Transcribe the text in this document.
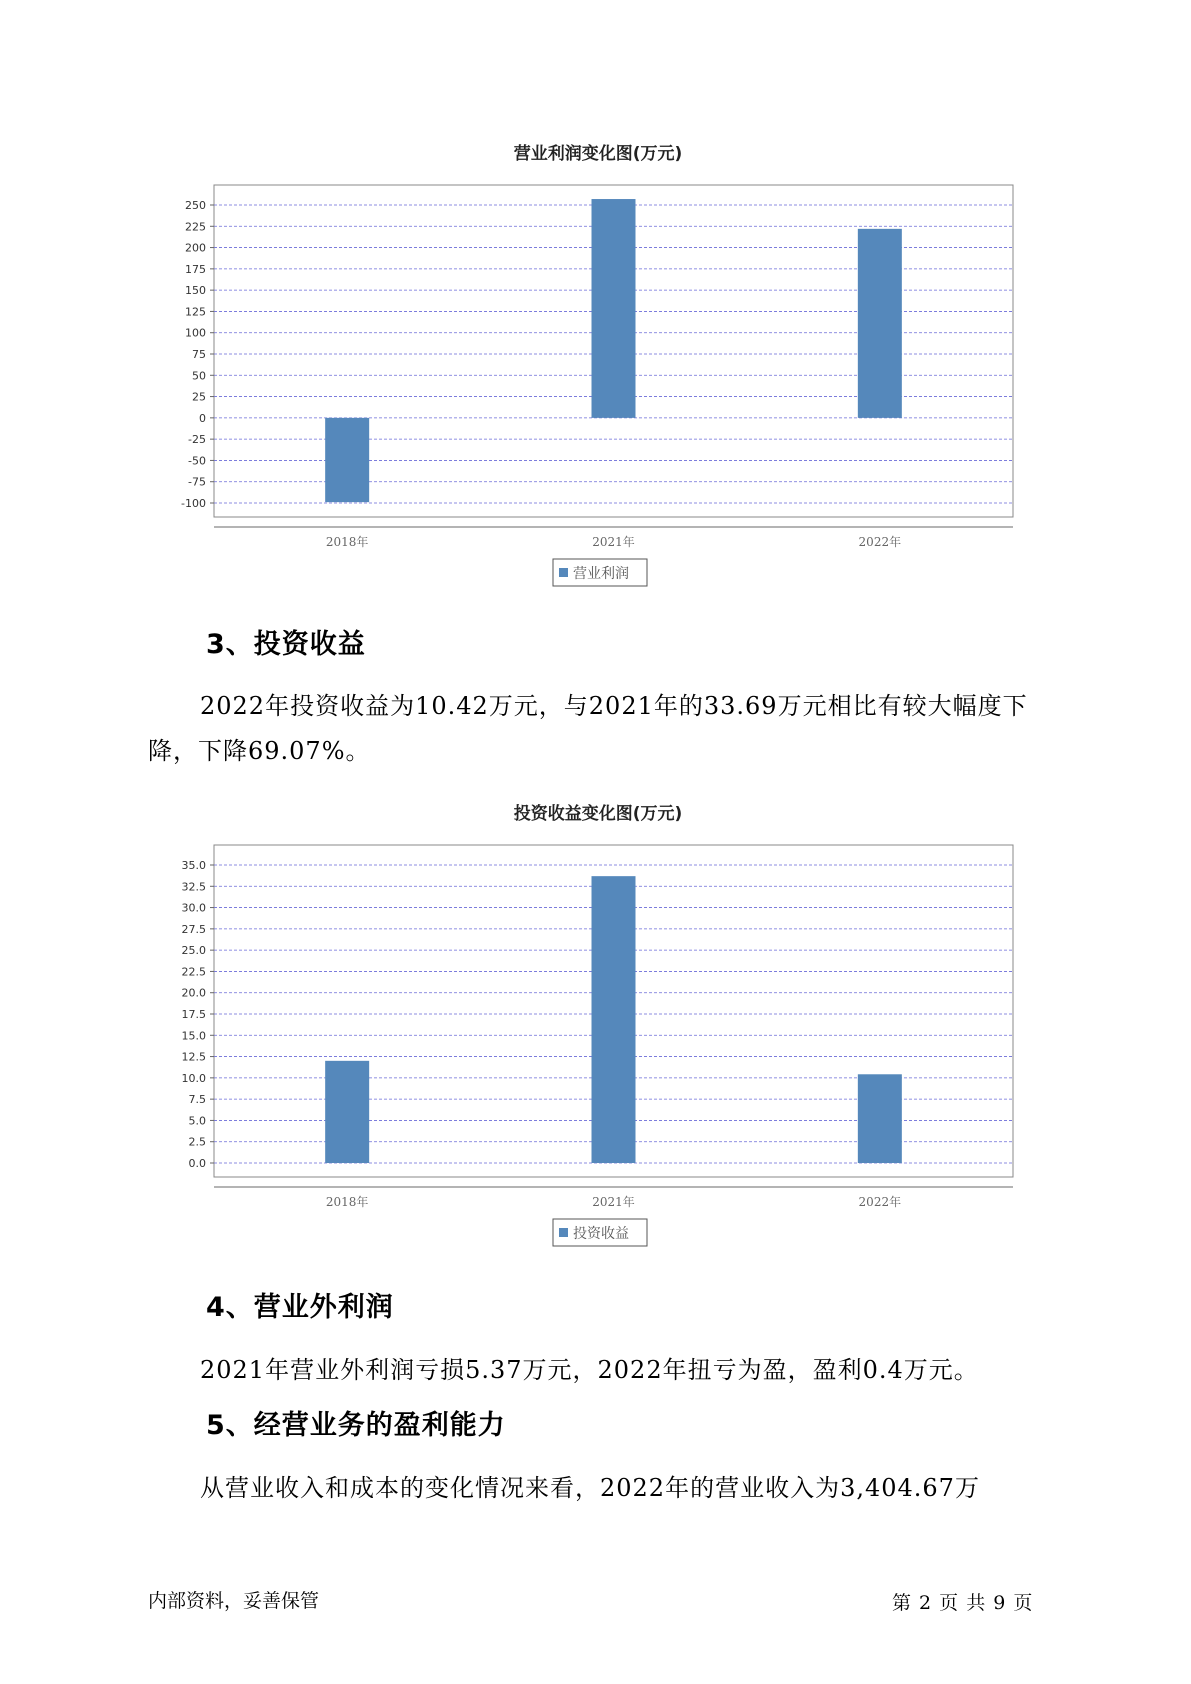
营业利润变化图(万元)
250
225
200
175
150
125
100
75
50
25
0
-25
-50
-75
-100
2018年	2021年	2022年
营业利润
3、投资收益

2022年投资收益为10.42万元，与2021年的33.69万元相比有较大幅度下降，下降69.07%。

投资收益变化图(万元)
35.0
32.5
30.0
27.5
25.0
22.5
20.0
17.5
15.0
12.5
10.0
7.5
5.0
2.5
0.0
2018年	2021年	2022年
投资收益
4、营业外利润

2021年营业外利润亏损5.37万元，2022年扭亏为盈，盈利0.4万元。

5、经营业务的盈利能力

从营业收入和成本的变化情况来看，2022年的营业收入为3,404.67万

内部资料，妥善保管	第 2 页 共 9 页
